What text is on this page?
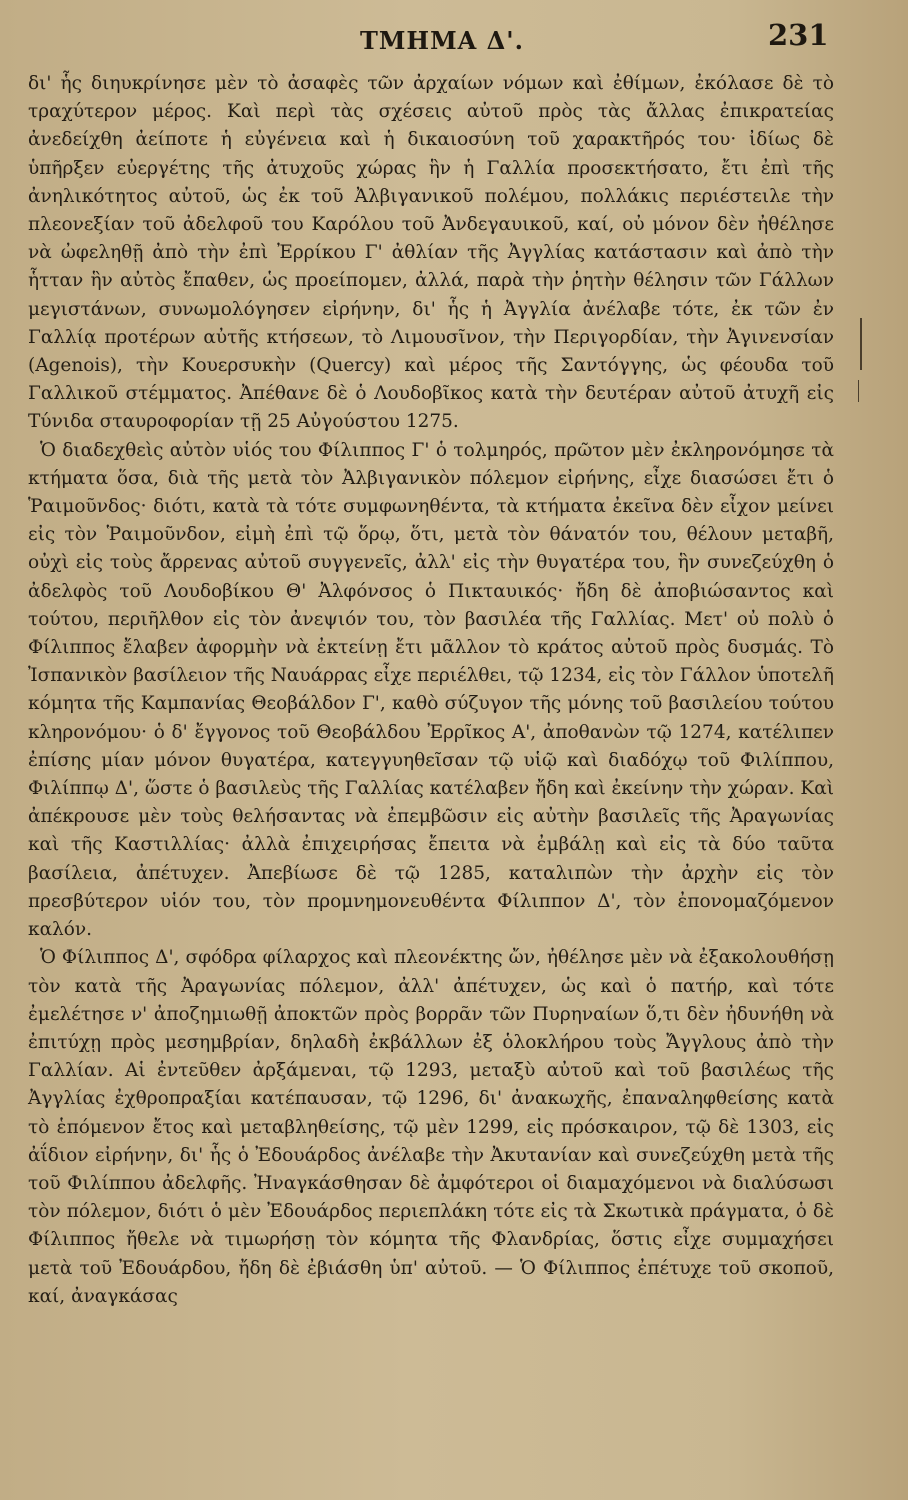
ΤΜΗΜΑ Δ'.	231

δι' ἧς διηυκρίνησε μὲν τὸ ἀσαφὲς τῶν ἀρχαίων νόμων καὶ ἐθίμων, ἐκόλασε δὲ τὸ τραχύτερον μέρος. Καὶ περὶ τὰς σχέσεις αὐτοῦ πρὸς τὰς ἄλλας ἐπικρατείας ἀνεδείχθη ἀείποτε ἡ εὐγένεια καὶ ἡ δικαιοσύνη τοῦ χαρακτῆρός του· ἰδίως δὲ ὑπῆρξεν εὐεργέτης τῆς ἀτυχοῦς χώρας ἣν ἡ Γαλλία προσεκτήσατο, ἔτι ἐπὶ τῆς ἀνηλικότητος αὐτοῦ, ὡς ἐκ τοῦ Ἀλβιγανικοῦ πολέμου, πολλάκις περιέστειλε τὴν πλεονεξίαν τοῦ ἀδελφοῦ του Καρόλου τοῦ Ἀνδεγαυικοῦ, καί, οὐ μόνον δὲν ἠθέλησε νὰ ὠφεληθῇ ἀπὸ τὴν ἐπὶ Ἐρρίκου Γ' ἀθλίαν τῆς Ἀγγλίας κατάστασιν καὶ ἀπὸ τὴν ἧτταν ἣν αὐτὸς ἔπαθεν, ὡς προείπομεν, ἀλλά, παρὰ τὴν ῥητὴν θέλησιν τῶν Γάλλων μεγιστάνων, συνωμολόγησεν εἰρήνην, δι' ἧς ἡ Ἀγγλία ἀνέλαβε τότε, ἐκ τῶν ἐν Γαλλίᾳ προτέρων αὐτῆς κτήσεων, τὸ Λιμουσῖνον, τὴν Περιγορδίαν, τὴν Ἀγινενσίαν (Agenois), τὴν Κουερσυκὴν (Quercy) καὶ μέρος τῆς Σαντόγγης, ὡς φέουδα τοῦ Γαλλικοῦ στέμματος. Ἀπέθανε δὲ ὁ Λουδοβῖκος κατὰ τὴν δευτέραν αὐτοῦ ἀτυχῆ εἰς Τύνιδα σταυροφορίαν τῇ 25 Αὐγούστου 1275.

Ὁ διαδεχθεὶς αὐτὸν υἱός του Φίλιππος Γ' ὁ τολμηρός, πρῶτον μὲν ἐκληρονόμησε τὰ κτήματα ὅσα, διὰ τῆς μετὰ τὸν Ἀλβιγανικὸν πόλεμον εἰρήνης, εἶχε διασώσει ἔτι ὁ Ῥαιμοῦνδος· διότι, κατὰ τὰ τότε συμφωνηθέντα, τὰ κτήματα ἐκεῖνα δὲν εἶχον μείνει εἰς τὸν Ῥαιμοῦνδον, εἰμὴ ἐπὶ τῷ ὅρῳ, ὅτι, μετὰ τὸν θάνατόν του, θέλουν μεταβῆ, οὐχὶ εἰς τοὺς ἄρρενας αὐτοῦ συγγενεῖς, ἀλλ' εἰς τὴν θυγατέρα του, ἣν συνεζεύχθη ὁ ἀδελφὸς τοῦ Λουδοβίκου Θ' Ἀλφόνσος ὁ Πικταυικός· ἤδη δὲ ἀποβιώσαντος καὶ τούτου, περιῆλθον εἰς τὸν ἀνεψιόν του, τὸν βασιλέα τῆς Γαλλίας. Μετ' οὐ πολὺ ὁ Φίλιππος ἔλαβεν ἀφορμὴν νὰ ἐκτείνῃ ἔτι μᾶλλον τὸ κράτος αὐτοῦ πρὸς δυσμάς. Τὸ Ἰσπανικὸν βασίλειον τῆς Ναυάρρας εἶχε περιέλθει, τῷ 1234, εἰς τὸν Γάλλον ὑποτελῆ κόμητα τῆς Καμπανίας Θεοβάλδον Γ', καθὸ σύζυγον τῆς μόνης τοῦ βασιλείου τούτου κληρονόμου· ὁ δ' ἔγγονος τοῦ Θεοβάλδου Ἐρρῖκος Α', ἀποθανὼν τῷ 1274, κατέλιπεν ἐπίσης μίαν μόνον θυγατέρα, κατεγγυηθεῖσαν τῷ υἱῷ καὶ διαδόχῳ τοῦ Φιλίππου, Φιλίππῳ Δ', ὥστε ὁ βασιλεὺς τῆς Γαλλίας κατέλαβεν ἤδη καὶ ἐκείνην τὴν χώραν. Καὶ ἀπέκρουσε μὲν τοὺς θελήσαντας νὰ ἐπεμβῶσιν εἰς αὐτὴν βασιλεῖς τῆς Ἀραγωνίας καὶ τῆς Καστιλλίας· ἀλλὰ ἐπιχειρήσας ἔπειτα νὰ ἐμβάλῃ καὶ εἰς τὰ δύο ταῦτα βασίλεια, ἀπέτυχεν. Ἀπεβίωσε δὲ τῷ 1285, καταλιπὼν τὴν ἀρχὴν εἰς τὸν πρεσβύτερον υἱόν του, τὸν προμνημονευθέντα Φίλιππον Δ', τὸν ἐπονομαζόμενον καλόν.

Ὁ Φίλιππος Δ', σφόδρα φίλαρχος καὶ πλεονέκτης ὤν, ἠθέλησε μὲν νὰ ἐξακολουθήσῃ τὸν κατὰ τῆς Ἀραγωνίας πόλεμον, ἀλλ' ἀπέτυχεν, ὡς καὶ ὁ πατήρ, καὶ τότε ἐμελέτησε ν' ἀποζημιωθῇ ἀποκτῶν πρὸς βορρᾶν τῶν Πυρηναίων ὅ,τι δὲν ἠδυνήθη νὰ ἐπιτύχῃ πρὸς μεσημβρίαν, δηλαδὴ ἐκβάλλων ἐξ ὁλοκλήρου τοὺς Ἄγγλους ἀπὸ τὴν Γαλλίαν. Αἱ ἐντεῦθεν ἀρξάμεναι, τῷ 1293, μεταξὺ αὐτοῦ καὶ τοῦ βασιλέως τῆς Ἀγγλίας ἐχθροπραξίαι κατέπαυσαν, τῷ 1296, δι' ἀνακωχῆς, ἐπαναληφθείσης κατὰ τὸ ἑπόμενον ἔτος καὶ μεταβληθείσης, τῷ μὲν 1299, εἰς πρόσκαιρον, τῷ δὲ 1303, εἰς ἀΐδιον εἰρήνην, δι' ἧς ὁ Ἐδουάρδος ἀνέλαβε τὴν Ἀκυτανίαν καὶ συνεζεύχθη μετὰ τῆς τοῦ Φιλίππου ἀδελφῆς. Ἠναγκάσθησαν δὲ ἀμφότεροι οἱ διαμαχόμενοι νὰ διαλύσωσι τὸν πόλεμον, διότι ὁ μὲν Ἐδουάρδος περιεπλάκη τότε εἰς τὰ Σκωτικὰ πράγματα, ὁ δὲ Φίλιππος ἤθελε νὰ τιμωρήσῃ τὸν κόμητα τῆς Φλανδρίας, ὅστις εἶχε συμμαχήσει μετὰ τοῦ Ἐδουάρδου, ἤδη δὲ ἐβιάσθη ὑπ' αὐτοῦ. — Ὁ Φίλιππος ἐπέτυχε τοῦ σκοποῦ, καί, ἀναγκάσας
